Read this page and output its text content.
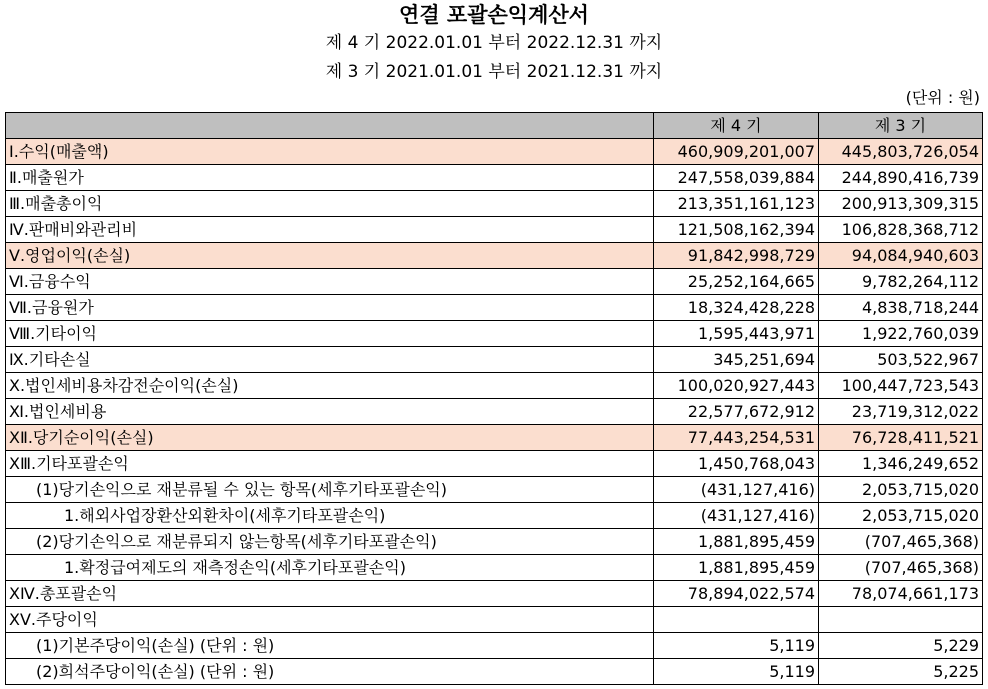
연결 포괄손익계산서
제 4 기 2022.01.01 부터 2022.12.31 까지
제 3 기 2021.01.01 부터 2021.12.31 까지
(단위 : 원)
	제 4 기	제 3 기
Ⅰ.수익(매출액)	460,909,201,007	445,803,726,054
Ⅱ.매출원가	247,558,039,884	244,890,416,739
Ⅲ.매출총이익	213,351,161,123	200,913,309,315
Ⅳ.판매비와관리비	121,508,162,394	106,828,368,712
Ⅴ.영업이익(손실)	91,842,998,729	94,084,940,603
Ⅵ.금융수익	25,252,164,665	9,782,264,112
Ⅶ.금융원가	18,324,428,228	4,838,718,244
Ⅷ.기타이익	1,595,443,971	1,922,760,039
Ⅸ.기타손실	345,251,694	503,522,967
Ⅹ.법인세비용차감전순이익(손실)	100,020,927,443	100,447,723,543
Ⅺ.법인세비용	22,577,672,912	23,719,312,022
ⅩⅡ.당기순이익(손실)	77,443,254,531	76,728,411,521
ⅩⅢ.기타포괄손익	1,450,768,043	1,346,249,652
(1)당기손익으로 재분류될 수 있는 항목(세후기타포괄손익)	(431,127,416)	2,053,715,020
1.해외사업장환산외환차이(세후기타포괄손익)	(431,127,416)	2,053,715,020
(2)당기손익으로 재분류되지 않는항목(세후기타포괄손익)	1,881,895,459	(707,465,368)
1.확정급여제도의 재측정손익(세후기타포괄손익)	1,881,895,459	(707,465,368)
ⅩⅣ.총포괄손익	78,894,022,574	78,074,661,173
ⅩⅤ.주당이익		
(1)기본주당이익(손실) (단위 : 원)	5,119	5,229
(2)희석주당이익(손실) (단위 : 원)	5,119	5,225
